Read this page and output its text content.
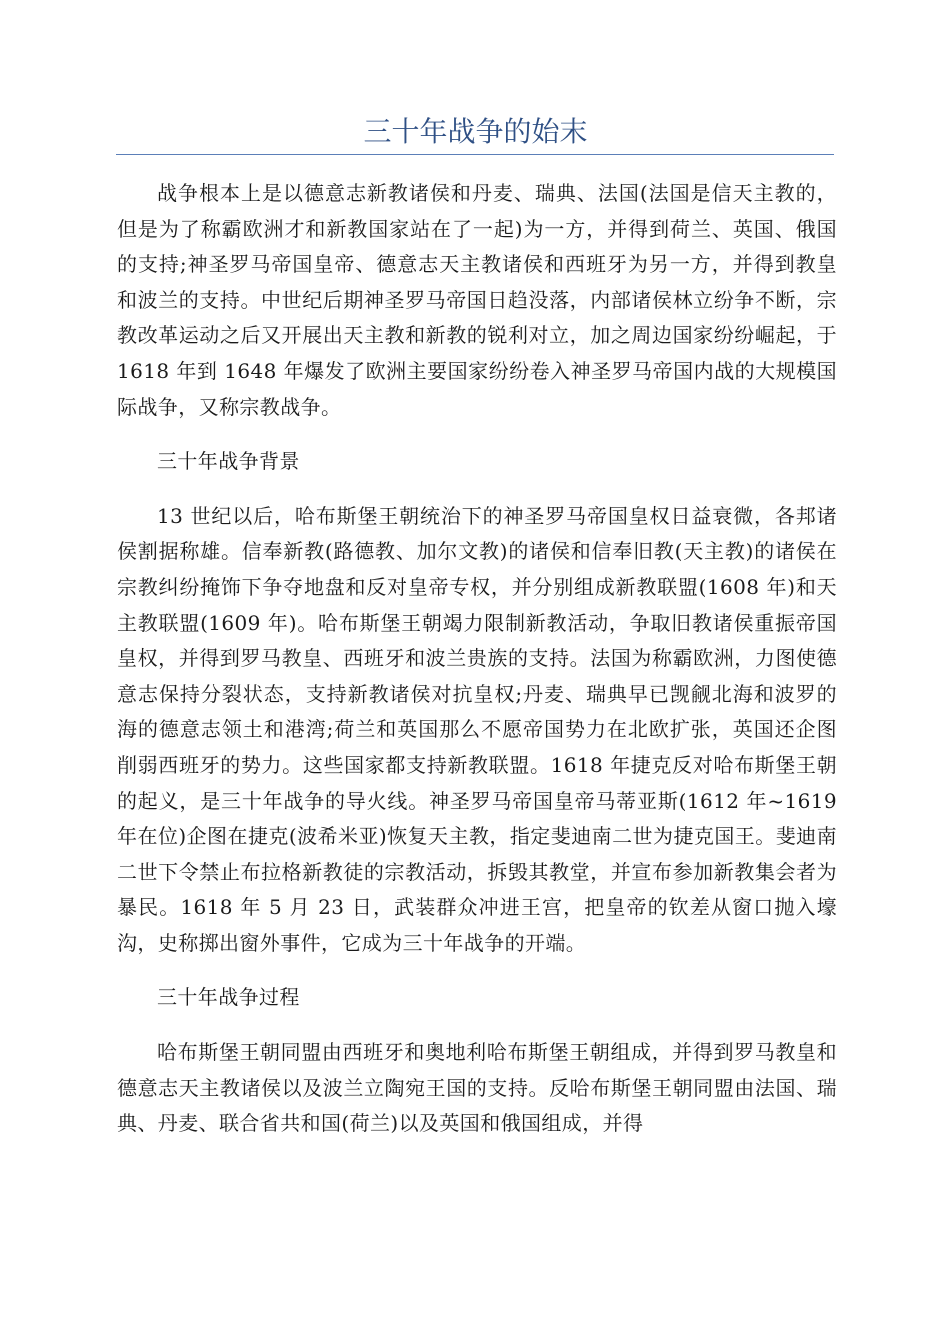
三十年战争的始末

战争根本上是以德意志新教诸侯和丹麦、瑞典、法国(法国是信天主教的，但是为了称霸欧洲才和新教国家站在了一起)为一方，并得到荷兰、英国、俄国的支持;神圣罗马帝国皇帝、德意志天主教诸侯和西班牙为另一方，并得到教皇和波兰的支持。中世纪后期神圣罗马帝国日趋没落，内部诸侯林立纷争不断，宗教改革运动之后又开展出天主教和新教的锐利对立，加之周边国家纷纷崛起，于 1618 年到 1648 年爆发了欧洲主要国家纷纷卷入神圣罗马帝国内战的大规模国际战争，又称宗教战争。

三十年战争背景

13 世纪以后，哈布斯堡王朝统治下的神圣罗马帝国皇权日益衰微，各邦诸侯割据称雄。信奉新教(路德教、加尔文教)的诸侯和信奉旧教(天主教)的诸侯在宗教纠纷掩饰下争夺地盘和反对皇帝专权，并分别组成新教联盟(1608 年)和天主教联盟(1609 年)。哈布斯堡王朝竭力限制新教活动，争取旧教诸侯重振帝国皇权，并得到罗马教皇、西班牙和波兰贵族的支持。法国为称霸欧洲，力图使德意志保持分裂状态，支持新教诸侯对抗皇权;丹麦、瑞典早已觊觎北海和波罗的海的德意志领土和港湾;荷兰和英国那么不愿帝国势力在北欧扩张，英国还企图削弱西班牙的势力。这些国家都支持新教联盟。1618 年捷克反对哈布斯堡王朝的起义，是三十年战争的导火线。神圣罗马帝国皇帝马蒂亚斯(1612 年~1619 年在位)企图在捷克(波希米亚)恢复天主教，指定斐迪南二世为捷克国王。斐迪南二世下令禁止布拉格新教徒的宗教活动，拆毁其教堂，并宣布参加新教集会者为暴民。1618 年 5 月 23 日，武装群众冲进王宫，把皇帝的钦差从窗口抛入壕沟，史称掷出窗外事件，它成为三十年战争的开端。

三十年战争过程

哈布斯堡王朝同盟由西班牙和奥地利哈布斯堡王朝组成，并得到罗马教皇和德意志天主教诸侯以及波兰立陶宛王国的支持。反哈布斯堡王朝同盟由法国、瑞典、丹麦、联合省共和国(荷兰)以及英国和俄国组成，并得
